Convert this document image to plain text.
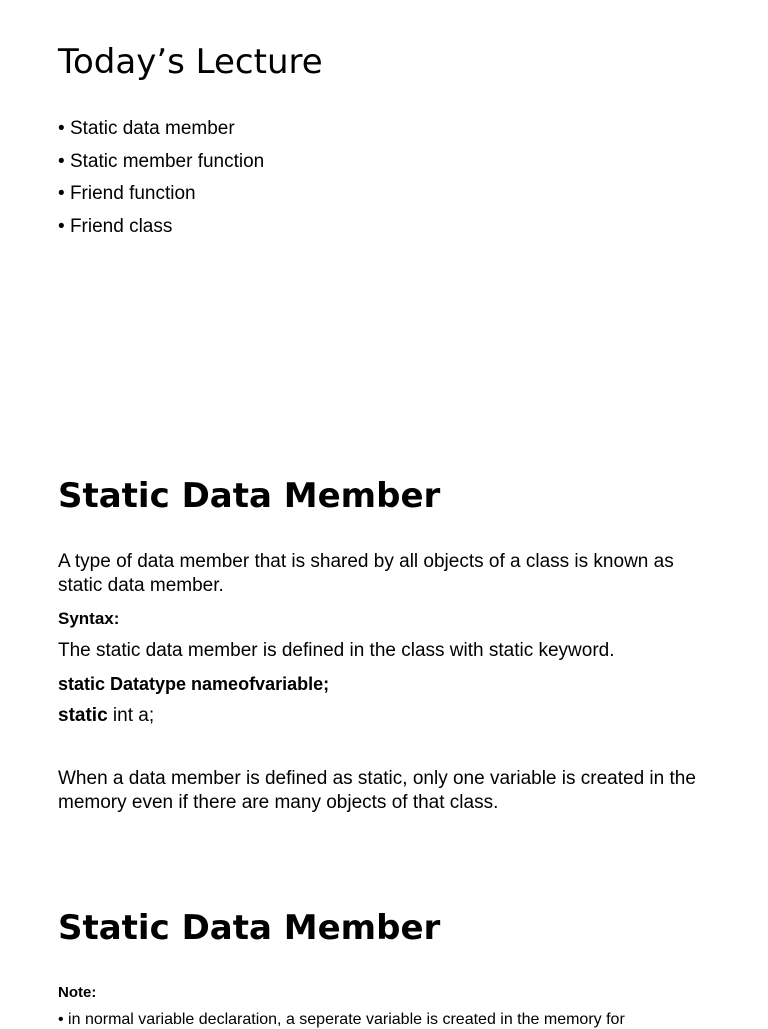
Today’s Lecture
• Static data member
• Static member function
• Friend function
• Friend class
Static Data Member

A type of data member that is shared by all objects of a class is known as static data member.

Syntax:

The static data member is defined in the class with static keyword.

static Datatype nameofvariable;

static int a;

When a data member is defined as static, only one variable is created in the memory even if there are many objects of that class.

Static Data Member

Note:

• in normal variable declaration, a seperate variable is created in the memory for
